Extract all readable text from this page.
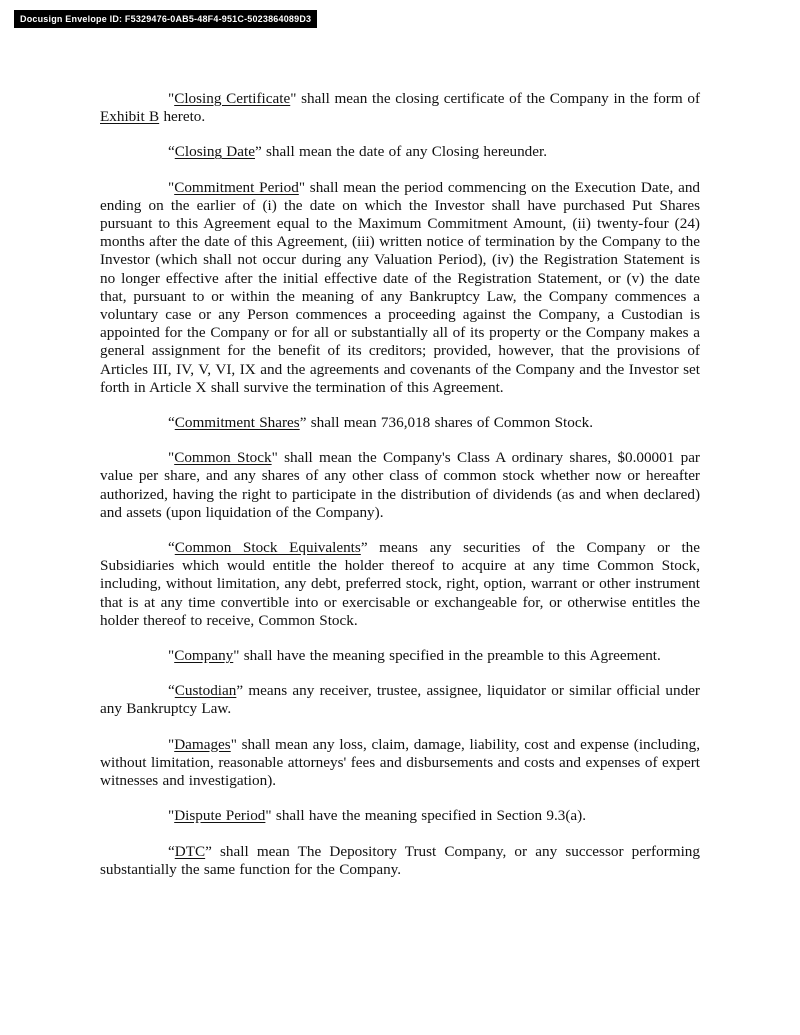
Docusign Envelope ID: F5329476-0AB5-48F4-951C-5023864089D3

"Closing Certificate" shall mean the closing certificate of the Company in the form of Exhibit B hereto.

“Closing Date” shall mean the date of any Closing hereunder.

"Commitment Period" shall mean the period commencing on the Execution Date, and ending on the earlier of (i) the date on which the Investor shall have purchased Put Shares pursuant to this Agreement equal to the Maximum Commitment Amount, (ii) twenty-four (24) months after the date of this Agreement, (iii) written notice of termination by the Company to the Investor (which shall not occur during any Valuation Period), (iv) the Registration Statement is no longer effective after the initial effective date of the Registration Statement, or (v) the date that, pursuant to or within the meaning of any Bankruptcy Law, the Company commences a voluntary case or any Person commences a proceeding against the Company, a Custodian is appointed for the Company or for all or substantially all of its property or the Company makes a general assignment for the benefit of its creditors; provided, however, that the provisions of Articles III, IV, V, VI, IX and the agreements and covenants of the Company and the Investor set forth in Article X shall survive the termination of this Agreement.

“Commitment Shares” shall mean 736,018 shares of Common Stock.

"Common Stock" shall mean the Company's Class A ordinary shares, $0.00001 par value per share, and any shares of any other class of common stock whether now or hereafter authorized, having the right to participate in the distribution of dividends (as and when declared) and assets (upon liquidation of the Company).

“Common Stock Equivalents” means any securities of the Company or the Subsidiaries which would entitle the holder thereof to acquire at any time Common Stock, including, without limitation, any debt, preferred stock, right, option, warrant or other instrument that is at any time convertible into or exercisable or exchangeable for, or otherwise entitles the holder thereof to receive, Common Stock.

"Company" shall have the meaning specified in the preamble to this Agreement.

“Custodian” means any receiver, trustee, assignee, liquidator or similar official under any Bankruptcy Law.

"Damages" shall mean any loss, claim, damage, liability, cost and expense (including, without limitation, reasonable attorneys' fees and disbursements and costs and expenses of expert witnesses and investigation).

"Dispute Period" shall have the meaning specified in Section 9.3(a).

“DTC” shall mean The Depository Trust Company, or any successor performing substantially the same function for the Company.
